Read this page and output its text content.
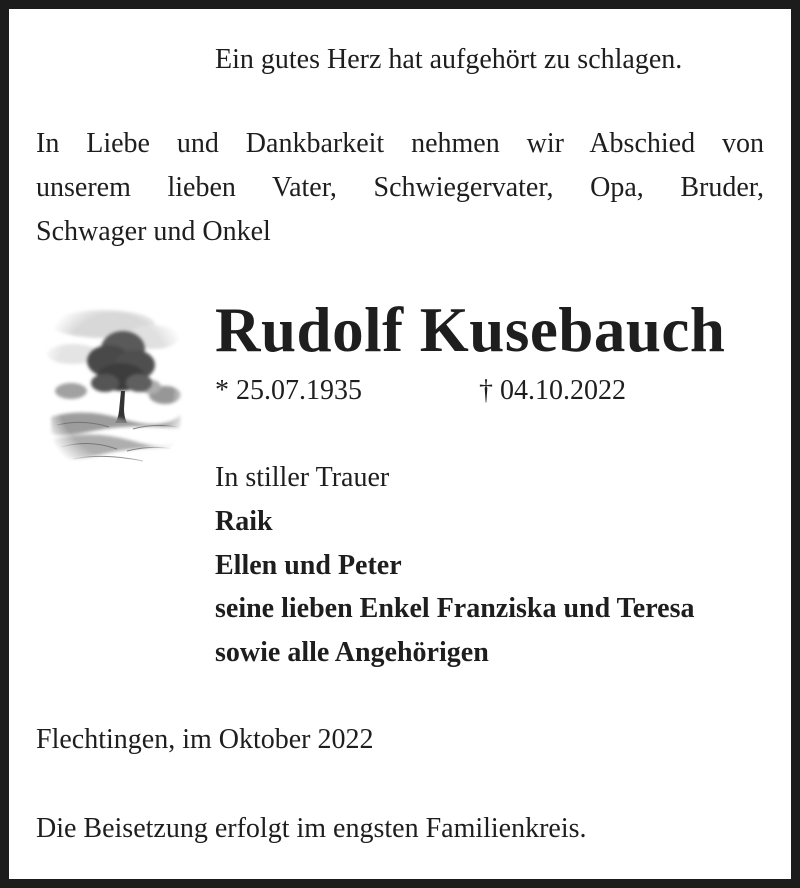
Ein gutes Herz hat aufgehört zu schlagen.

In Liebe und Dankbarkeit nehmen wir Abschied von
unserem lieben Vater, Schwiegervater, Opa, Bruder,
Schwager und Onkel

Rudolf Kusebauch

* 25.07.1935	† 04.10.2022

In stiller Trauer

Raik
Ellen und Peter
seine lieben Enkel Franziska und Teresa
sowie alle Angehörigen

Flechtingen, im Oktober 2022

Die Beisetzung erfolgt im engsten Familienkreis.
